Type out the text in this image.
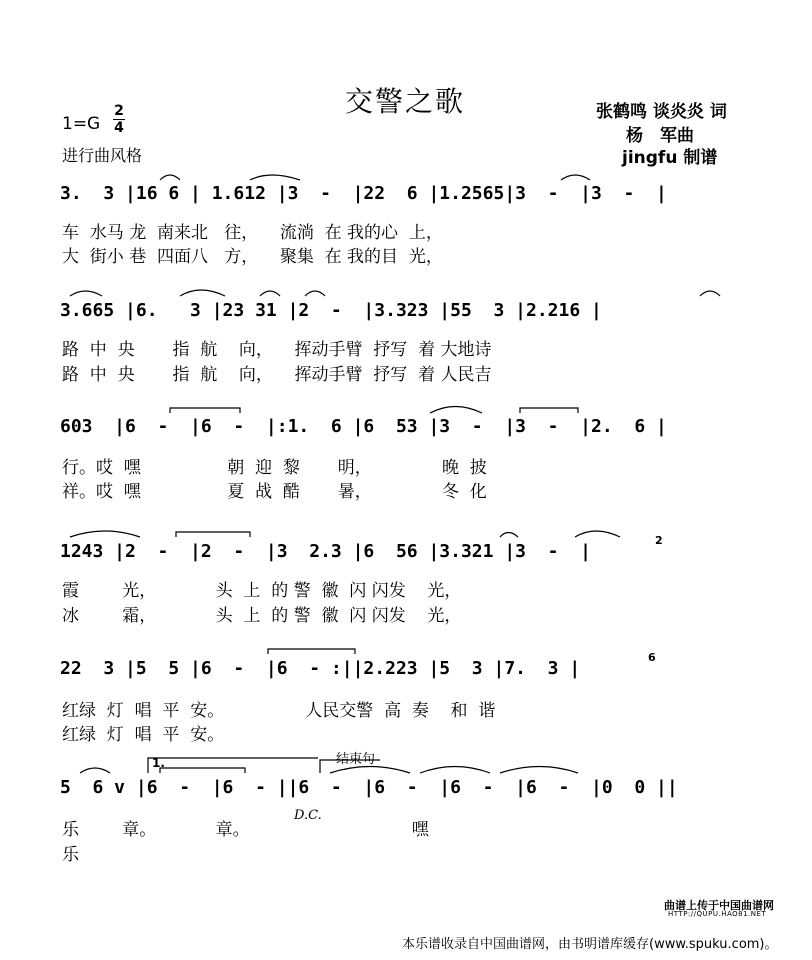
交警之歌	张鹤鸣 谈炎炎 词
杨　军曲
jingfu 制谱
1=G
2
4
进行曲风格
3.  3 |16 6 | 1.612 |3  -  |22  6 |1.2565|3  -  |3  -  |
车  水马 龙  南来北   往，    流淌  在 我的心  上，
大  街小 巷  四面八   方，    聚集  在 我的目  光，
3.665 |6.   3 |23 31 |2  -  |3.323 |55  3 |2.216 |
路  中  央       指  航    向，    挥动手臂  抒写  着 大地诗
路  中  央       指  航    向，    挥动手臂  抒写  着 人民吉
603  |6  -  |6  -  |:1.  6 |6  53 |3  -  |3  -  |2.  6 |
行。哎  嘿                朝  迎  黎       明，             晚  披
祥。哎  嘿                夏  战  酷       暑，             冬  化
1243 |2  -  |2  -  |3  2.3 |6  56 |3.321 |3  -  |
霞        光，           头  上  的 警  徽  闪 闪发    光，
冰        霜，           头  上  的 警  徽  闪 闪发    光，
22  3 |5  5 |6  -  |6  - :||2.223 |5  3 |7.  3 |
红绿  灯  唱  平  安。               人民交警  高  奏    和  谐
红绿  灯  唱  平  安。
5  6 v |6  -  |6  - ||6  -  |6  -  |6  -  |6  -  |0  0 ||
乐        章。           章。                              嘿
乐
1.	结束句
D.C.
2
6
曲谱上传于中国曲谱网
HTTP://QUPU.HAO81.NET
本乐谱收录自中国曲谱网，由书明谱库缓存(www.spuku.com)。
